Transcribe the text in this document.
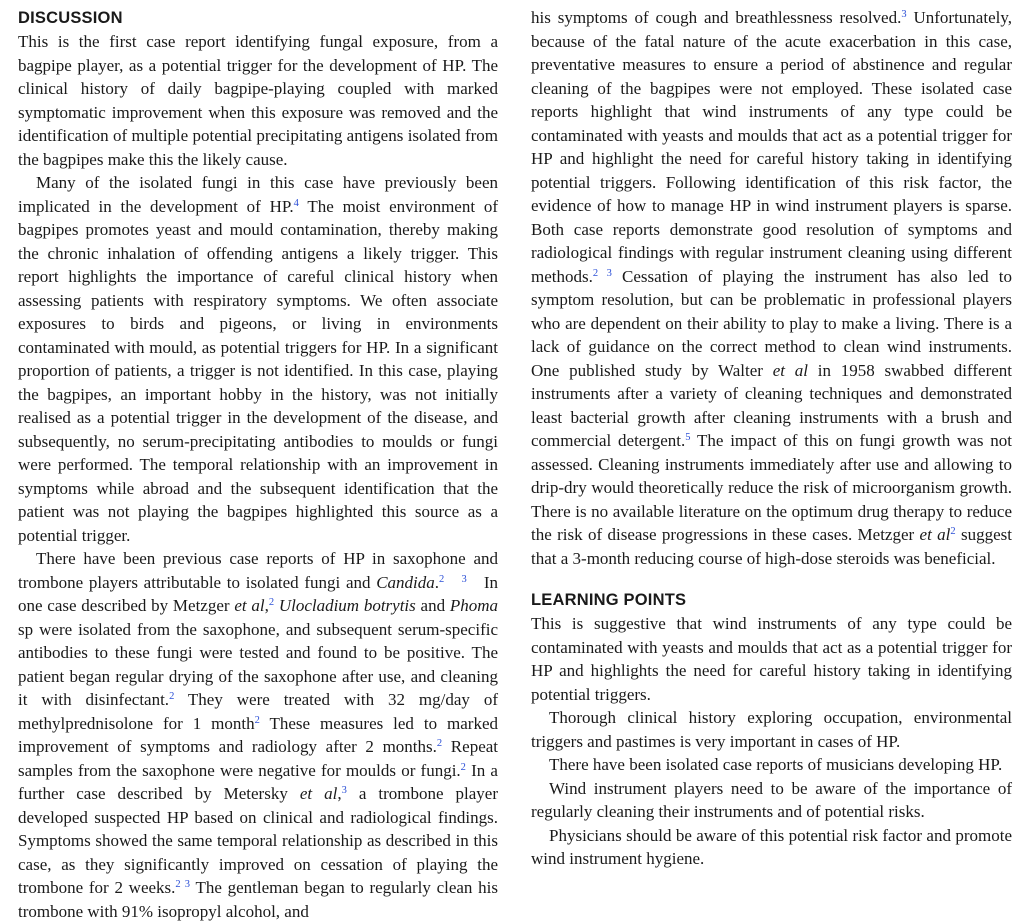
DISCUSSION

This is the first case report identifying fungal exposure, from a bagpipe player, as a potential trigger for the development of HP. The clinical history of daily bagpipe-playing coupled with marked symptomatic improvement when this exposure was removed and the identification of multiple potential precipitating antigens isolated from the bagpipes make this the likely cause.

Many of the isolated fungi in this case have previously been implicated in the development of HP.$^4$ The moist environment of bagpipes promotes yeast and mould contamination, thereby making the chronic inhalation of offending antigens a likely trigger. This report highlights the importance of careful clinical history when assessing patients with respiratory symptoms. We often associate exposures to birds and pigeons, or living in environments contaminated with mould, as potential triggers for HP. In a significant proportion of patients, a trigger is not identified. In this case, playing the bagpipes, an important hobby in the history, was not initially realised as a potential trigger in the development of the disease, and subsequently, no serum-precipitating antibodies to moulds or fungi were performed. The temporal relationship with an improvement in symptoms while abroad and the subsequent identification that the patient was not playing the bagpipes highlighted this source as a potential trigger.

There have been previous case reports of HP in saxophone and trombone players attributable to isolated fungi and Candida.$^2$ $^3$ In one case described by Metzger et al,$^2$ Ulocladium botrytis and Phoma sp were isolated from the saxophone, and subsequent serum-specific antibodies to these fungi were tested and found to be positive. The patient began regular drying of the saxophone after use, and cleaning it with disinfectant.$^2$ They were treated with 32 mg/day of methylprednisolone for 1 month$^2$ These measures led to marked improvement of symptoms and radiology after 2 months.$^2$ Repeat samples from the saxophone were negative for moulds or fungi.$^2$ In a further case described by Metersky et al,$^3$ a trombone player developed suspected HP based on clinical and radiological findings. Symptoms showed the same temporal relationship as described in this case, as they significantly improved on cessation of playing the trombone for 2 weeks.$^{2 3}$ The gentleman began to regularly clean his trombone with 91% isopropyl alcohol, and

his symptoms of cough and breathlessness resolved.$^3$ Unfortunately, because of the fatal nature of the acute exacerbation in this case, preventative measures to ensure a period of abstinence and regular cleaning of the bagpipes were not employed. These isolated case reports highlight that wind instruments of any type could be contaminated with yeasts and moulds that act as a potential trigger for HP and highlight the need for careful history taking in identifying potential triggers. Following identification of this risk factor, the evidence of how to manage HP in wind instrument players is sparse. Both case reports demonstrate good resolution of symptoms and radiological findings with regular instrument cleaning using different methods.$^{2 3}$ Cessation of playing the instrument has also led to symptom resolution, but can be problematic in professional players who are dependent on their ability to play to make a living. There is a lack of guidance on the correct method to clean wind instruments. One published study by Walter et al in 1958 swabbed different instruments after a variety of cleaning techniques and demonstrated least bacterial growth after cleaning instruments with a brush and commercial detergent.$^5$ The impact of this on fungi growth was not assessed. Cleaning instruments immediately after use and allowing to drip-dry would theoretically reduce the risk of microorganism growth. There is no available literature on the optimum drug therapy to reduce the risk of disease progressions in these cases. Metzger et $al^2$ suggest that a 3-month reducing course of high-dose steroids was beneficial.

LEARNING POINTS

This is suggestive that wind instruments of any type could be contaminated with yeasts and moulds that act as a potential trigger for HP and highlights the need for careful history taking in identifying potential triggers.

Thorough clinical history exploring occupation, environmental triggers and pastimes is very important in cases of HP.

There have been isolated case reports of musicians developing HP.

Wind instrument players need to be aware of the importance of regularly cleaning their instruments and of potential risks.

Physicians should be aware of this potential risk factor and promote wind instrument hygiene.
